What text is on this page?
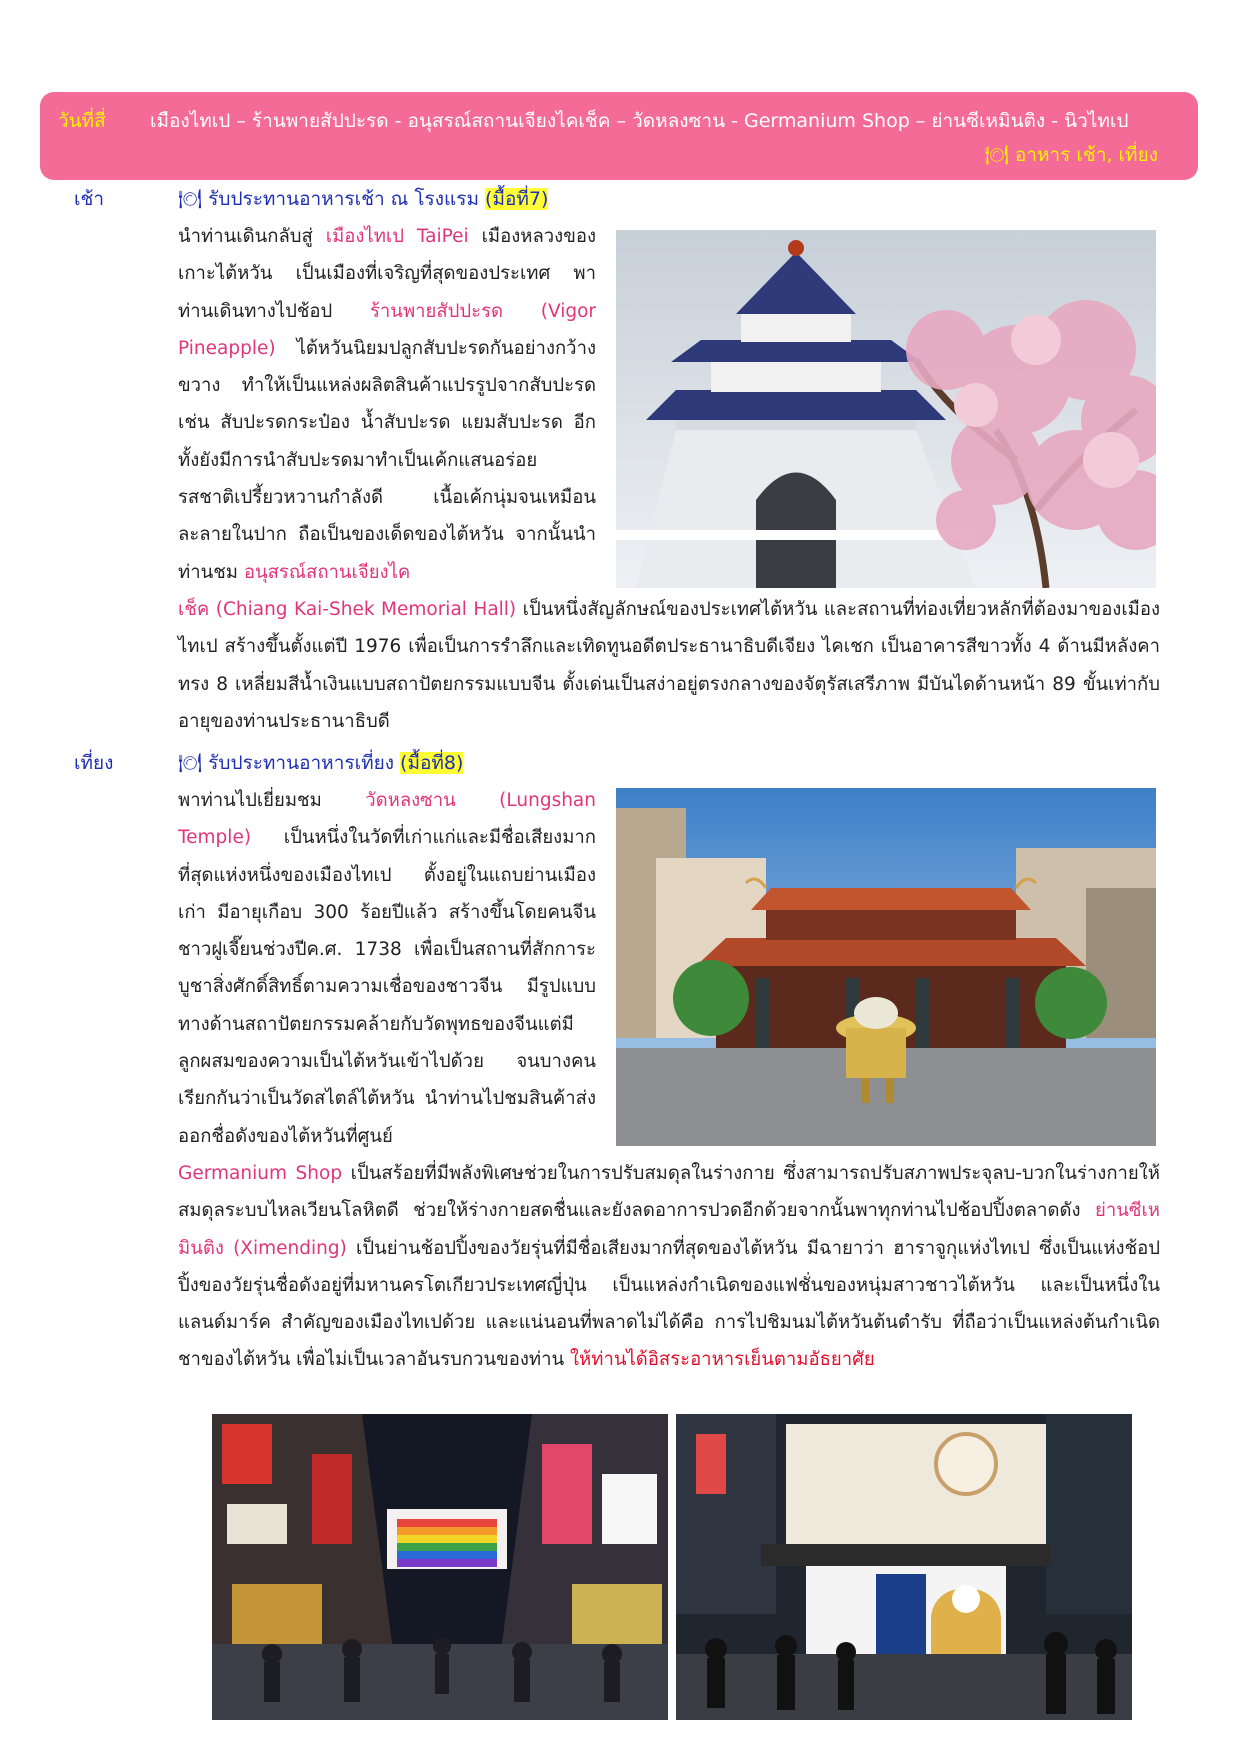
วันที่สี่ เมืองไทเป – ร้านพายสัปปะรด - อนุสรณ์สถานเจียงไคเช็ค – วัดหลงซาน - Germanium Shop – ย่านซีเหมินติง - นิวไทเป
🍽 อาหาร เช้า, เที่ยง
เช้า	🍽 รับประทานอาหารเช้า ณ โรงแรม (มื้อที่7)

นำท่านเดินกลับสู่ เมืองไทเป TaiPei เมืองหลวงของเกาะไต้หวัน เป็นเมืองที่เจริญที่สุดของประเทศ พาท่านเดินทางไปช้อป ร้านพายสัปปะรด (Vigor Pineapple) ไต้หวันนิยมปลูกสับปะรดกันอย่างกว้างขวาง ทำให้เป็นแหล่งผลิตสินค้าแปรรูปจากสับปะรด เช่น สับปะรดกระป๋อง น้ำสับปะรด แยมสับปะรด อีกทั้งยังมีการนำสับปะรดมาทำเป็นเค้กแสนอร่อย รสชาติเปรี้ยวหวานกำลังดี เนื้อเค้กนุ่มจนเหมือนละลายในปาก ถือเป็นของเด็ดของไต้หวัน จากนั้นนำท่านชม อนุสรณ์สถานเจียงไค

เช็ค (Chiang Kai-Shek Memorial Hall) เป็นหนึ่งสัญลักษณ์ของประเทศไต้หวัน และสถานที่ท่องเที่ยวหลักที่ต้องมาของเมืองไทเป สร้างขึ้นตั้งแต่ปี 1976 เพื่อเป็นการรำลึกและเทิดทูนอดีตประธานาธิบดีเจียง ไคเชก เป็นอาคารสีขาวทั้ง 4 ด้านมีหลังคาทรง 8 เหลี่ยมสีน้ำเงินแบบสถาปัตยกรรมแบบจีน ตั้งเด่นเป็นสง่าอยู่ตรงกลางของจัตุรัสเสรีภาพ มีบันไดด้านหน้า 89 ขั้นเท่ากับอายุของท่านประธานาธิบดี

เที่ยง	🍽 รับประทานอาหารเที่ยง (มื้อที่8)

พาท่านไปเยี่ยมชม วัดหลงซาน (Lungshan Temple) เป็นหนึ่งในวัดที่เก่าแก่และมีชื่อเสียงมากที่สุดแห่งหนึ่งของเมืองไทเป ตั้งอยู่ในแถบย่านเมืองเก่า มีอายุเกือบ 300 ร้อยปีแล้ว สร้างขึ้นโดยคนจีนชาวฝูเจี๊ยนช่วงปีค.ศ. 1738 เพื่อเป็นสถานที่สักการะบูชาสิ่งศักดิ์สิทธิ์ตามความเชื่อของชาวจีน มีรูปแบบทางด้านสถาปัตยกรรมคล้ายกับวัดพุทธของจีนแต่มีลูกผสมของความเป็นไต้หวันเข้าไปด้วย จนบางคนเรียกกันว่าเป็นวัดสไตล์ไต้หวัน นำท่านไปชมสินค้าส่งออกชื่อดังของไต้หวันที่ศูนย์

Germanium Shop เป็นสร้อยที่มีพลังพิเศษช่วยในการปรับสมดุลในร่างกาย ซึ่งสามารถปรับสภาพประจุลบ-บวกในร่างกายให้สมดุลระบบไหลเวียนโลหิตดี ช่วยให้ร่างกายสดชื่นและยังลดอาการปวดอีกด้วยจากนั้นพาทุกท่านไปช้อปปิ้งตลาดดัง ย่านซีเหมินติง (Ximending) เป็นย่านช้อปปิ้งของวัยรุ่นที่มีชื่อเสียงมากที่สุดของไต้หวัน มีฉายาว่า ฮาราจูกุแห่งไทเป ซึ่งเป็นแห่งช้อปปิ้งของวัยรุ่นชื่อดังอยู่ที่มหานครโตเกียวประเทศญี่ปุ่น เป็นแหล่งกำเนิดของแฟชั่นของหนุ่มสาวชาวไต้หวัน และเป็นหนึ่งใน แลนด์มาร์ค สำคัญของเมืองไทเปด้วย และแน่นอนที่พลาดไม่ได้คือ การไปชิมนมไต้หวันต้นตำรับ ที่ถือว่าเป็นแหล่งต้นกำเนิดชาของไต้หวัน เพื่อไม่เป็นเวลาอันรบกวนของท่าน ให้ท่านได้อิสระอาหารเย็นตามอัธยาศัย
